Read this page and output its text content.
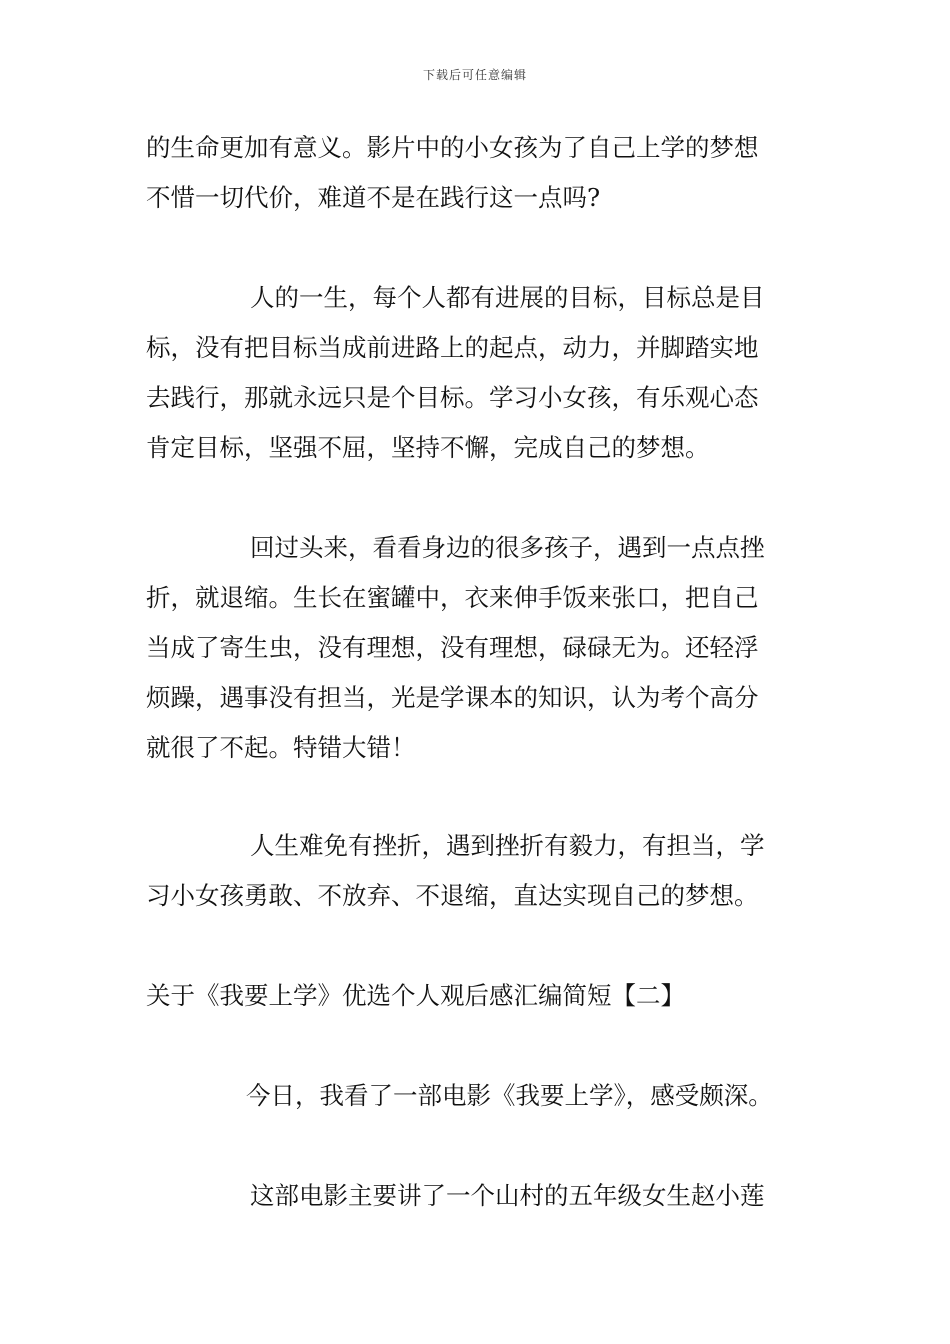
下载后可任意编辑
的生命更加有意义。影片中的小女孩为了自己上学的梦想
不惜一切代价，难道不是在践行这一点吗?
人的一生，每个人都有进展的目标，目标总是目
标，没有把目标当成前进路上的起点，动力，并脚踏实地
去践行，那就永远只是个目标。学习小女孩，有乐观心态
肯定目标，坚强不屈，坚持不懈，完成自己的梦想。
回过头来，看看身边的很多孩子，遇到一点点挫
折，就退缩。生长在蜜罐中，衣来伸手饭来张口，把自己
当成了寄生虫，没有理想，没有理想，碌碌无为。还轻浮
烦躁，遇事没有担当，光是学课本的知识，认为考个高分
就很了不起。特错大错！
人生难免有挫折，遇到挫折有毅力，有担当，学
习小女孩勇敢、不放弃、不退缩，直达实现自己的梦想。
关于《我要上学》优选个人观后感汇编简短【二】
今日，我看了一部电影《我要上学》，感受颇深。
这部电影主要讲了一个山村的五年级女生赵小莲
